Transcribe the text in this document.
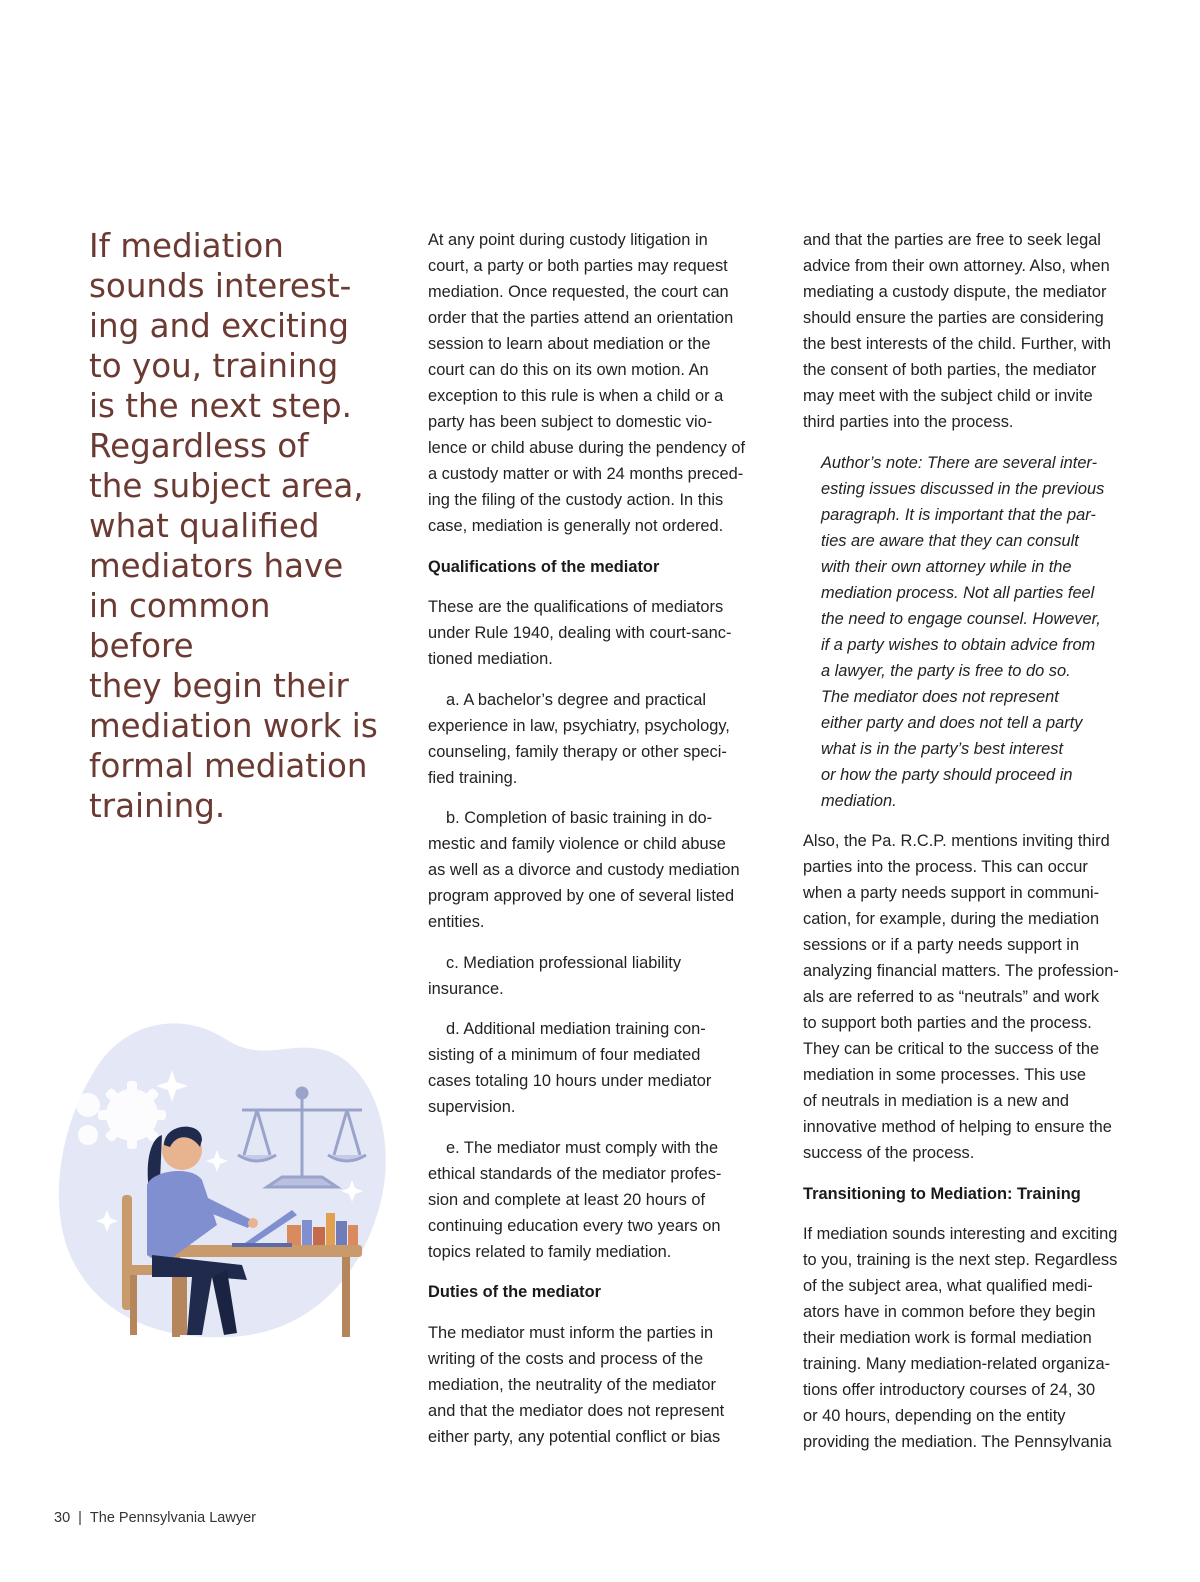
If mediation
sounds interest-
ing and exciting
to you, training
is the next step.
Regardless of
the subject area,
what qualified
mediators have
in common before
they begin their
mediation work is
formal mediation
training.

At any point during custody litigation in
court, a party or both parties may request
mediation. Once requested, the court can
order that the parties attend an orientation
session to learn about mediation or the
court can do this on its own motion. An
exception to this rule is when a child or a
party has been subject to domestic vio-
lence or child abuse during the pendency of
a custody matter or with 24 months preced-
ing the filing of the custody action. In this
case, mediation is generally not ordered.

Qualifications of the mediator

These are the qualifications of mediators
under Rule 1940, dealing with court-sanc-
tioned mediation.

a. A bachelor’s degree and practical
experience in law, psychiatry, psychology,
counseling, family therapy or other speci-
fied training.

b. Completion of basic training in do-
mestic and family violence or child abuse
as well as a divorce and custody mediation
program approved by one of several listed
entities.

c. Mediation professional liability
insurance.

d. Additional mediation training con-
sisting of a minimum of four mediated
cases totaling 10 hours under mediator
supervision.

e. The mediator must comply with the
ethical standards of the mediator profes-
sion and complete at least 20 hours of
continuing education every two years on
topics related to family mediation.

Duties of the mediator

The mediator must inform the parties in
writing of the costs and process of the
mediation, the neutrality of the mediator
and that the mediator does not represent
either party, any potential conflict or bias

and that the parties are free to seek legal
advice from their own attorney. Also, when
mediating a custody dispute, the mediator
should ensure the parties are considering
the best interests of the child. Further, with
the consent of both parties, the mediator
may meet with the subject child or invite
third parties into the process.

Author’s note: There are several inter-
esting issues discussed in the previous
paragraph. It is important that the par-
ties are aware that they can consult
with their own attorney while in the
mediation process. Not all parties feel
the need to engage counsel. However,
if a party wishes to obtain advice from
a lawyer, the party is free to do so.
The mediator does not represent
either party and does not tell a party
what is in the party’s best interest
or how the party should proceed in
mediation.

Also, the Pa. R.C.P. mentions inviting third
parties into the process. This can occur
when a party needs support in communi-
cation, for example, during the mediation
sessions or if a party needs support in
analyzing financial matters. The profession-
als are referred to as “neutrals” and work
to support both parties and the process.
They can be critical to the success of the
mediation in some processes. This use
of neutrals in mediation is a new and
innovative method of helping to ensure the
success of the process.

Transitioning to Mediation: Training

If mediation sounds interesting and exciting
to you, training is the next step. Regardless
of the subject area, what qualified medi-
ators have in common before they begin
their mediation work is formal mediation
training. Many mediation-related organiza-
tions offer introductory courses of 24, 30
or 40 hours, depending on the entity
providing the mediation. The Pennsylvania

30 | The Pennsylvania Lawyer
